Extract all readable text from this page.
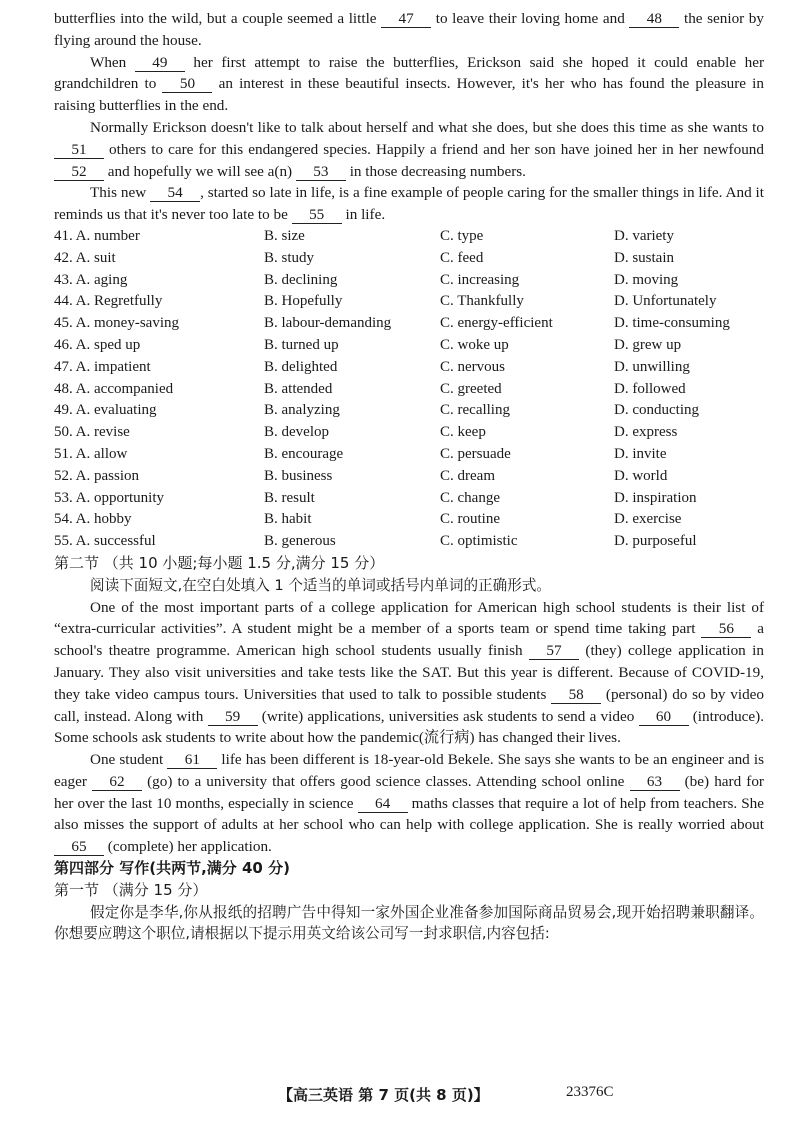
butterflies into the wild, but a couple seemed a little 47 to leave their loving home and 48 the senior by flying around the house.

When 49 her first attempt to raise the butterflies, Erickson said she hoped it could enable her grandchildren to 50 an interest in these beautiful insects. However, it's her who has found the pleasure in raising butterflies in the end.

Normally Erickson doesn't like to talk about herself and what she does, but she does this time as she wants to 51 others to care for this endangered species. Happily a friend and her son have joined her in her newfound 52 and hopefully we will see a(n) 53 in those decreasing numbers.

This new 54 , started so late in life, is a fine example of people caring for the smaller things in life. And it reminds us that it's never too late to be 55 in life.

41. A. number	B. size	C. type	D. variety
42. A. suit	B. study	C. feed	D. sustain
43. A. aging	B. declining	C. increasing	D. moving
44. A. Regretfully	B. Hopefully	C. Thankfully	D. Unfortunately
45. A. money-saving	B. labour-demanding	C. energy-efficient	D. time-consuming
46. A. sped up	B. turned up	C. woke up	D. grew up
47. A. impatient	B. delighted	C. nervous	D. unwilling
48. A. accompanied	B. attended	C. greeted	D. followed
49. A. evaluating	B. analyzing	C. recalling	D. conducting
50. A. revise	B. develop	C. keep	D. express
51. A. allow	B. encourage	C. persuade	D. invite
52. A. passion	B. business	C. dream	D. world
53. A. opportunity	B. result	C. change	D. inspiration
54. A. hobby	B. habit	C. routine	D. exercise
55. A. successful	B. generous	C. optimistic	D. purposeful

第二节 （共 10 小题;每小题 1.5 分,满分 15 分）

阅读下面短文,在空白处填入 1 个适当的单词或括号内单词的正确形式。

One of the most important parts of a college application for American high school students is their list of “extra-curricular activities”. A student might be a member of a sports team or spend time taking part 56 a school's theatre programme. American high school students usually finish 57 (they) college application in January. They also visit universities and take tests like the SAT. But this year is different. Because of COVID-19, they take video campus tours. Universities that used to talk to possible students 58 (personal) do so by video call, instead. Along with 59 (write) applications, universities ask students to send a video 60 (introduce). Some schools ask students to write about how the pandemic(流行病) has changed their lives.

One student 61 life has been different is 18-year-old Bekele. She says she wants to be an engineer and is eager 62 (go) to a university that offers good science classes. Attending school online 63 (be) hard for her over the last 10 months, especially in science 64 maths classes that require a lot of help from teachers. She also misses the support of adults at her school who can help with college application. She is really worried about 65 (complete) her application.

第四部分 写作(共两节,满分 40 分)

第一节 （满分 15 分）

假定你是李华,你从报纸的招聘广告中得知一家外国企业准备参加国际商品贸易会,现开始招聘兼职翻译。你想要应聘这个职位,请根据以下提示用英文给该公司写一封求职信,内容包括:

【高三英语 第 7 页(共 8 页)】	23376C
